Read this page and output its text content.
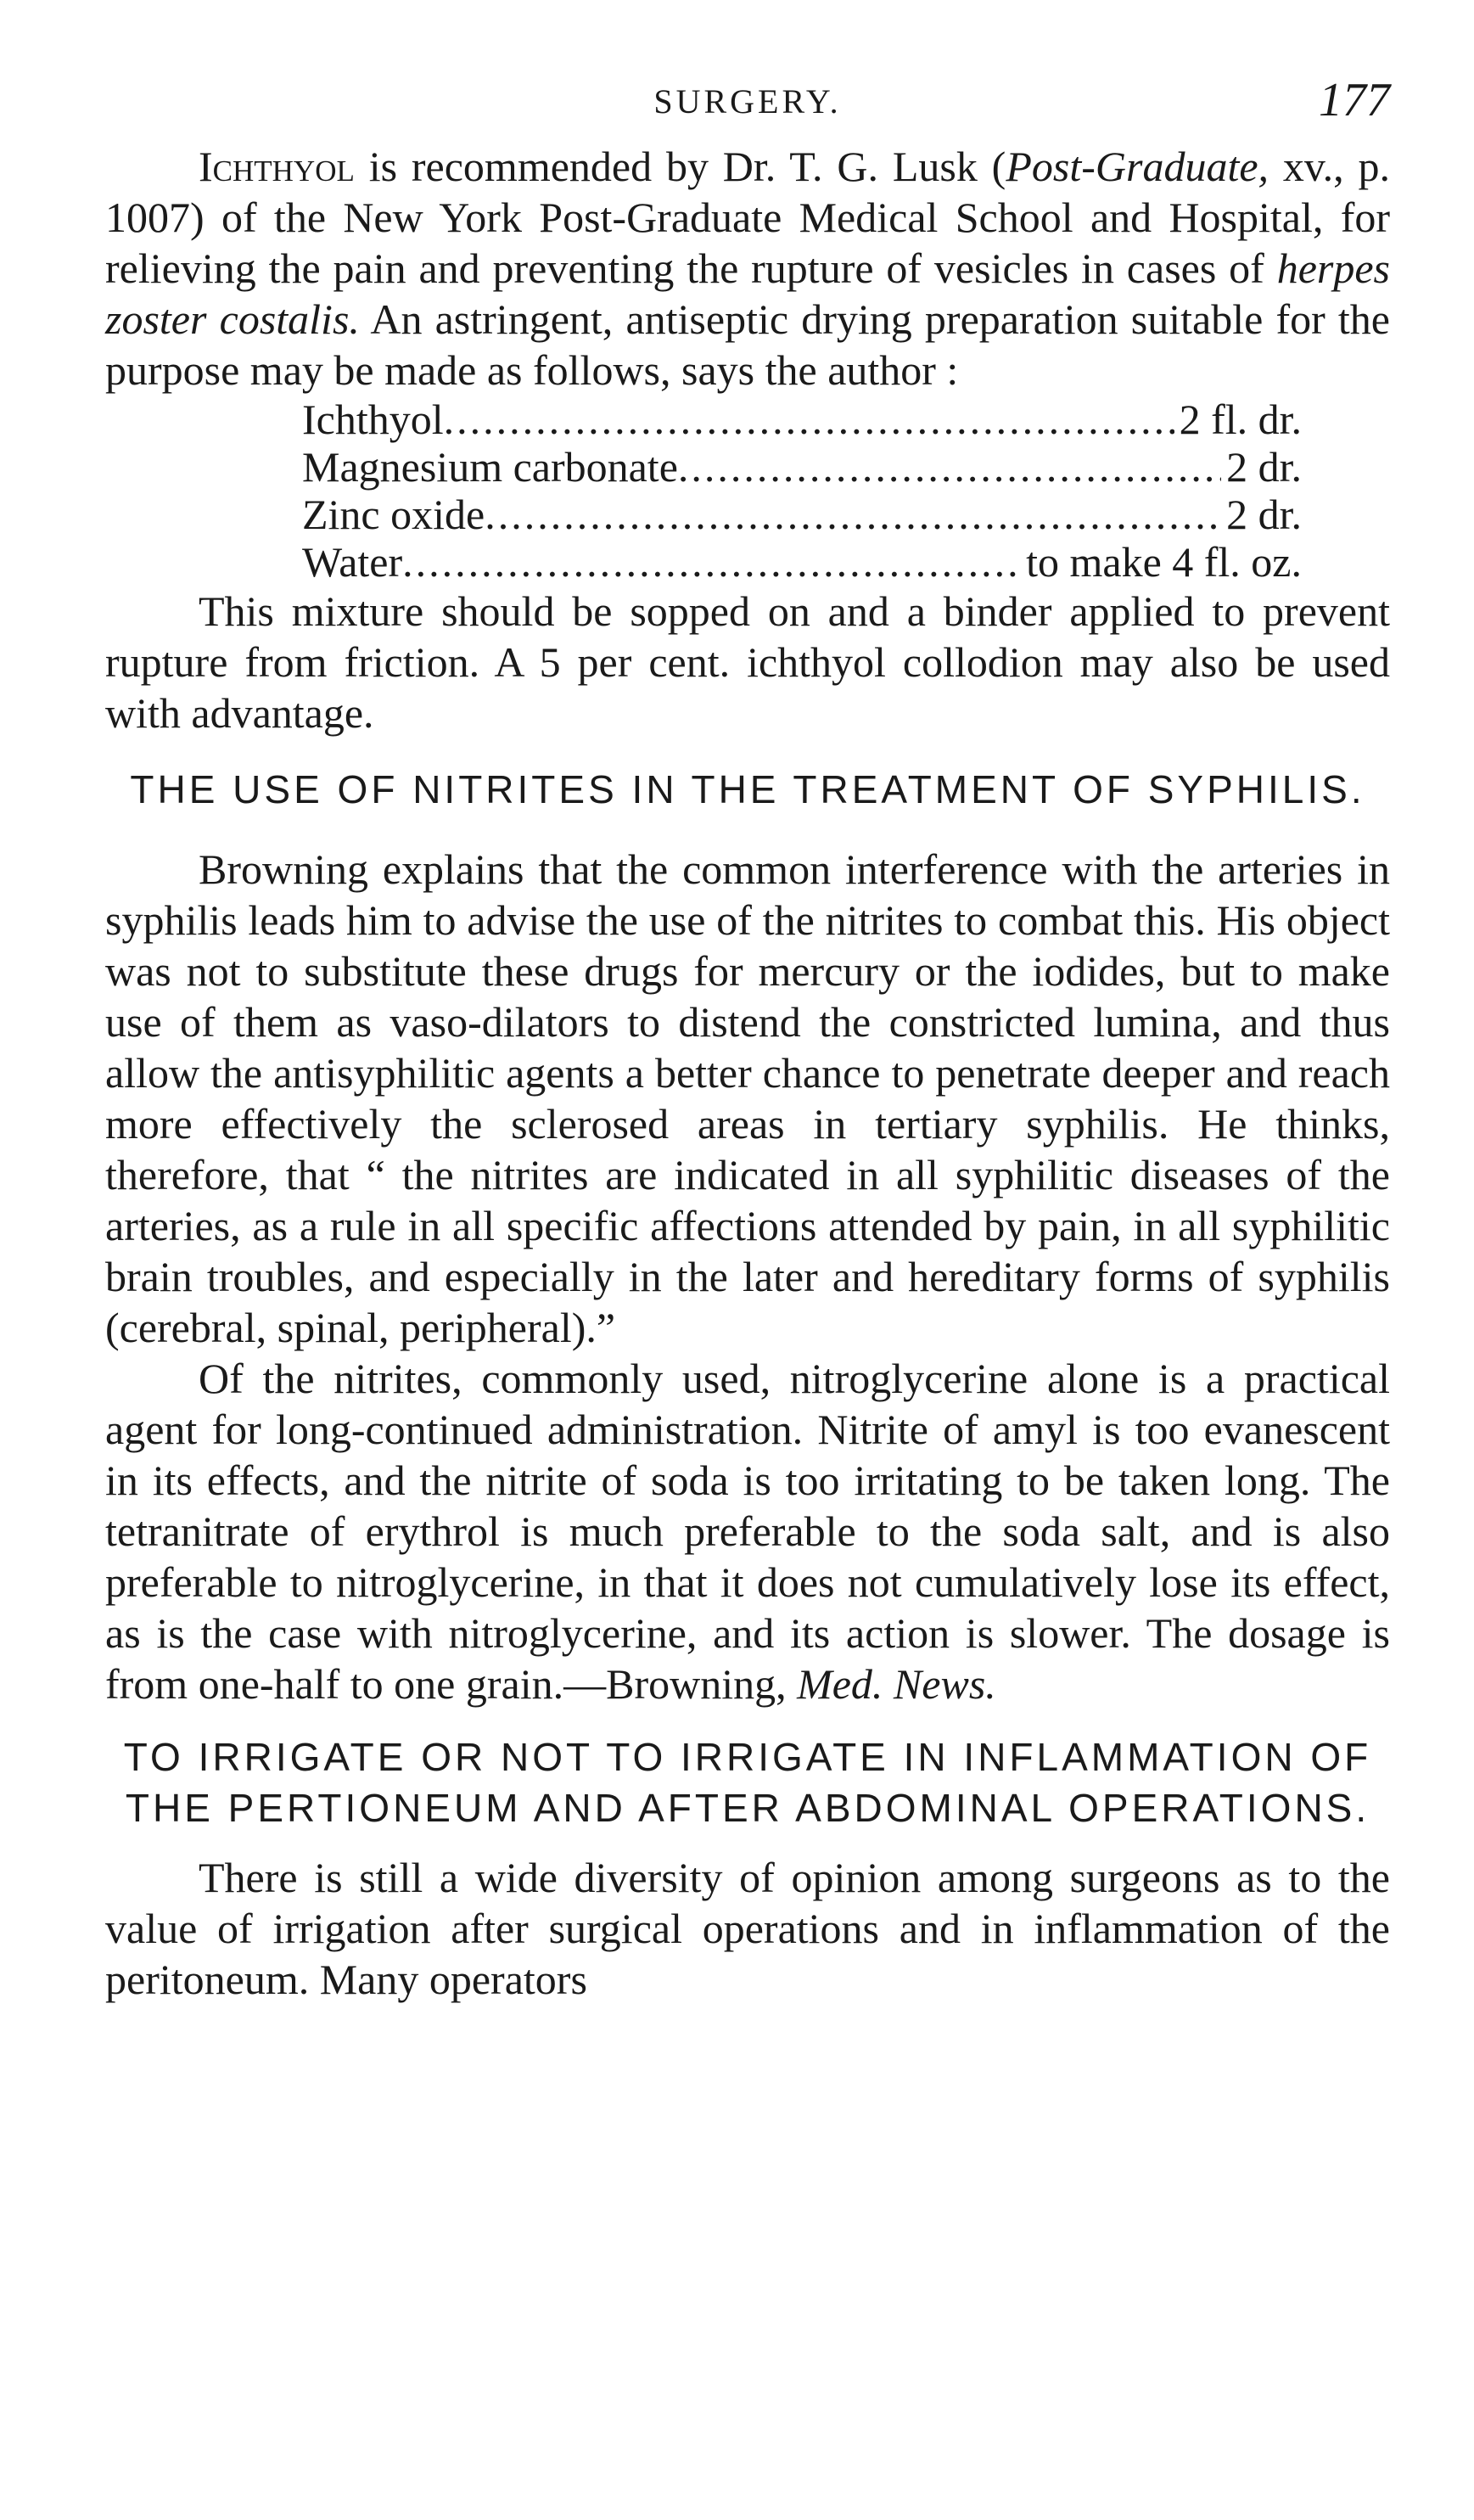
SURGERY.	177

Ichthyol is recommended by Dr. T. G. Lusk (Post-Graduate, xv., p. 1007) of the New York Post-Graduate Medical School and Hospital, for relieving the pain and preventing the rupture of vesicles in cases of herpes zoster costalis. An astringent, antiseptic drying preparation suitable for the purpose may be made as follows, says the author :

Ichthyol .....	2 fl. dr.
Magnesium carbonate .....	2 dr.
Zinc oxide .....	2 dr.
Water .....	to make 4 fl. oz.

This mixture should be sopped on and a binder applied to prevent rupture from friction. A 5 per cent. ichthyol collodion may also be used with advantage.

THE USE OF NITRITES IN THE TREATMENT OF SYPHILIS.

Browning explains that the common interference with the arteries in syphilis leads him to advise the use of the nitrites to combat this. His object was not to substitute these drugs for mercury or the iodides, but to make use of them as vaso-dilators to distend the constricted lumina, and thus allow the antisyphilitic agents a better chance to penetrate deeper and reach more effectively the sclerosed areas in tertiary syphilis. He thinks, therefore, that “ the nitrites are indicated in all syphilitic diseases of the arteries, as a rule in all specific affections attended by pain, in all syphilitic brain troubles, and especially in the later and hereditary forms of syphilis (cerebral, spinal, peripheral).”

Of the nitrites, commonly used, nitroglycerine alone is a practical agent for long-continued administration. Nitrite of amyl is too evanescent in its effects, and the nitrite of soda is too irritating to be taken long. The tetranitrate of erythrol is much preferable to the soda salt, and is also preferable to nitroglycerine, in that it does not cumulatively lose its effect, as is the case with nitroglycerine, and its action is slower. The dosage is from one-half to one grain.—Browning, Med. News.

TO IRRIGATE OR NOT TO IRRIGATE IN INFLAMMATION OF THE PERTIONEUM AND AFTER ABDOMINAL OPERATIONS.

There is still a wide diversity of opinion among surgeons as to the value of irrigation after surgical operations and in inflammation of the peritoneum. Many operators
